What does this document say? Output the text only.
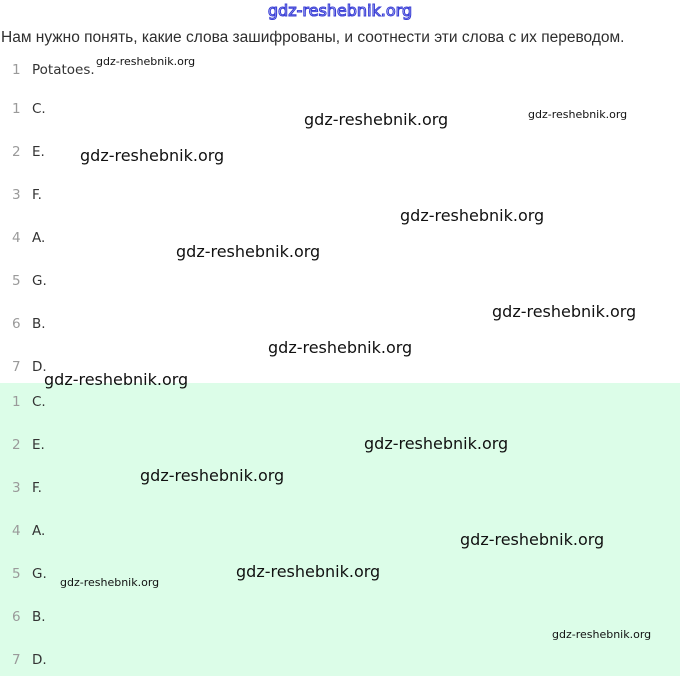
gdz-reshebnik.org
Нам нужно понять, какие слова зашифрованы, и соотнести эти слова с их переводом.
1 Potatoes.
1 C.
2 E.
3 F.
4 A.
5 G.
6 B.
7 D.
1 C.
2 E.
3 F.
4 A.
5 G.
6 B.
7 D.
gdz-reshebnik.org
gdz-reshebnik.org	gdz-reshebnik.org
gdz-reshebnik.org
gdz-reshebnik.org
gdz-reshebnik.org
gdz-reshebnik.org
gdz-reshebnik.org
gdz-reshebnik.org
gdz-reshebnik.org
gdz-reshebnik.org
gdz-reshebnik.org
gdz-reshebnik.org
gdz-reshebnik.org
gdz-reshebnik.org
